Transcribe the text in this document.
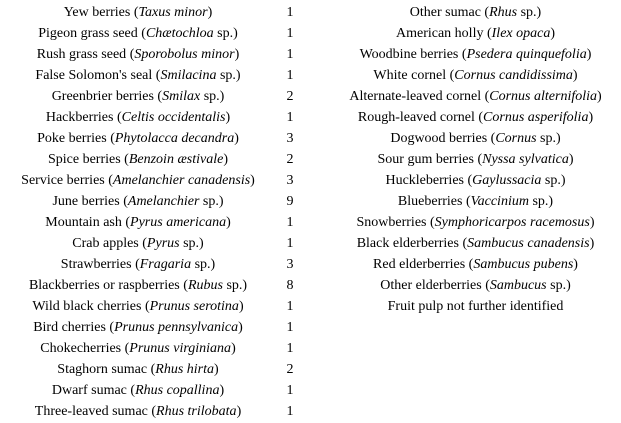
Yew berries (Taxus minor)	1
Pigeon grass seed (Chætochloa sp.)	1
Rush grass seed (Sporobolus minor)	1
False Solomon's seal (Smilacina sp.)	1
Greenbrier berries (Smilax sp.)	2
Hackberries (Celtis occidentalis)	1
Poke berries (Phytolacca decandra)	3
Spice berries (Benzoin æstivale)	2
Service berries (Amelanchier canadensis)	3
June berries (Amelanchier sp.)	9
Mountain ash (Pyrus americana)	1
Crab apples (Pyrus sp.)	1
Strawberries (Fragaria sp.)	3
Blackberries or raspberries (Rubus sp.)	8
Wild black cherries (Prunus serotina)	1
Bird cherries (Prunus pennsylvanica)	1
Chokecherries (Prunus virginiana)	1
Staghorn sumac (Rhus hirta)	2
Dwarf sumac (Rhus copallina)	1
Three-leaved sumac (Rhus trilobata)	1
Other sumac (Rhus sp.)
American holly (Ilex opaca)
Woodbine berries (Psedera quinquefolia)
White cornel (Cornus candidissima)
Alternate-leaved cornel (Cornus alternifolia)
Rough-leaved cornel (Cornus asperifolia)
Dogwood berries (Cornus sp.)
Sour gum berries (Nyssa sylvatica)
Huckleberries (Gaylussacia sp.)
Blueberries (Vaccinium sp.)
Snowberries (Symphoricarpos racemosus)
Black elderberries (Sambucus canadensis)
Red elderberries (Sambucus pubens)
Other elderberries (Sambucus sp.)
Fruit pulp not further identified
